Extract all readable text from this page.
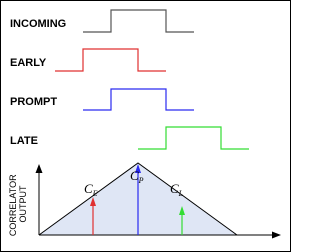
INCOMING
EARLY
PROMPT
LATE
CORRELATOR OUTPUT	CE
CP
CL
